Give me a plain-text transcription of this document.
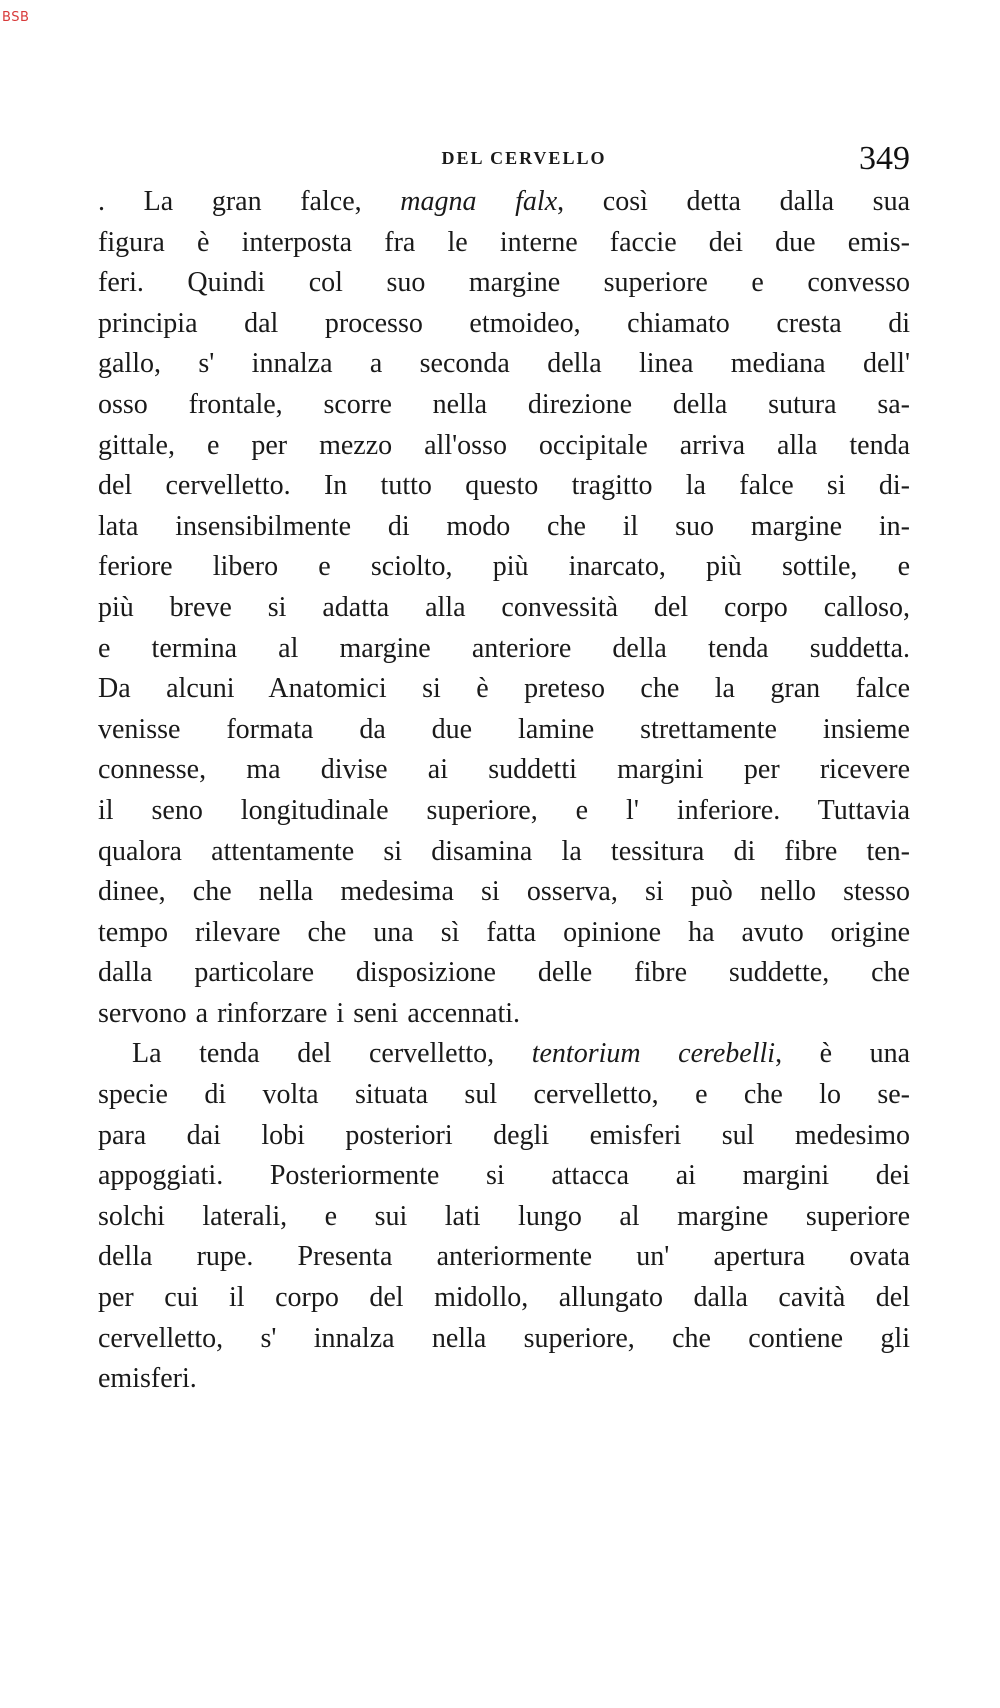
BSB
DEL CERVELLO	349
. La gran falce, magna falx, così detta dalla sua
figura è interposta fra le interne faccie dei due emis-
feri. Quindi col suo margine superiore e convesso
principia dal processo etmoideo, chiamato cresta di
gallo, s' innalza a seconda della linea mediana dell'
osso frontale, scorre nella direzione della sutura sa-
gittale, e per mezzo all'osso occipitale arriva alla tenda
del cervelletto. In tutto questo tragitto la falce si di-
lata insensibilmente di modo che il suo margine in-
feriore libero e sciolto, più inarcato, più sottile, e
più breve si adatta alla convessità del corpo calloso,
e termina al margine anteriore della tenda suddetta.
Da alcuni Anatomici si è preteso che la gran falce
venisse formata da due lamine strettamente insieme
connesse, ma divise ai suddetti margini per ricevere
il seno longitudinale superiore, e l' inferiore. Tuttavia
qualora attentamente si disamina la tessitura di fibre ten-
dinee, che nella medesima si osserva, si può nello stesso
tempo rilevare che una sì fatta opinione ha avuto origine
dalla particolare disposizione delle fibre suddette, che
servono a rinforzare i seni accennati.
La tenda del cervelletto, tentorium cerebelli, è una
specie di volta situata sul cervelletto, e che lo se-
para dai lobi posteriori degli emisferi sul medesimo
appoggiati. Posteriormente si attacca ai margini dei
solchi laterali, e sui lati lungo al margine superiore
della rupe. Presenta anteriormente un' apertura ovata
per cui il corpo del midollo, allungato dalla cavità del
cervelletto, s' innalza nella superiore, che contiene gli
emisferi.
